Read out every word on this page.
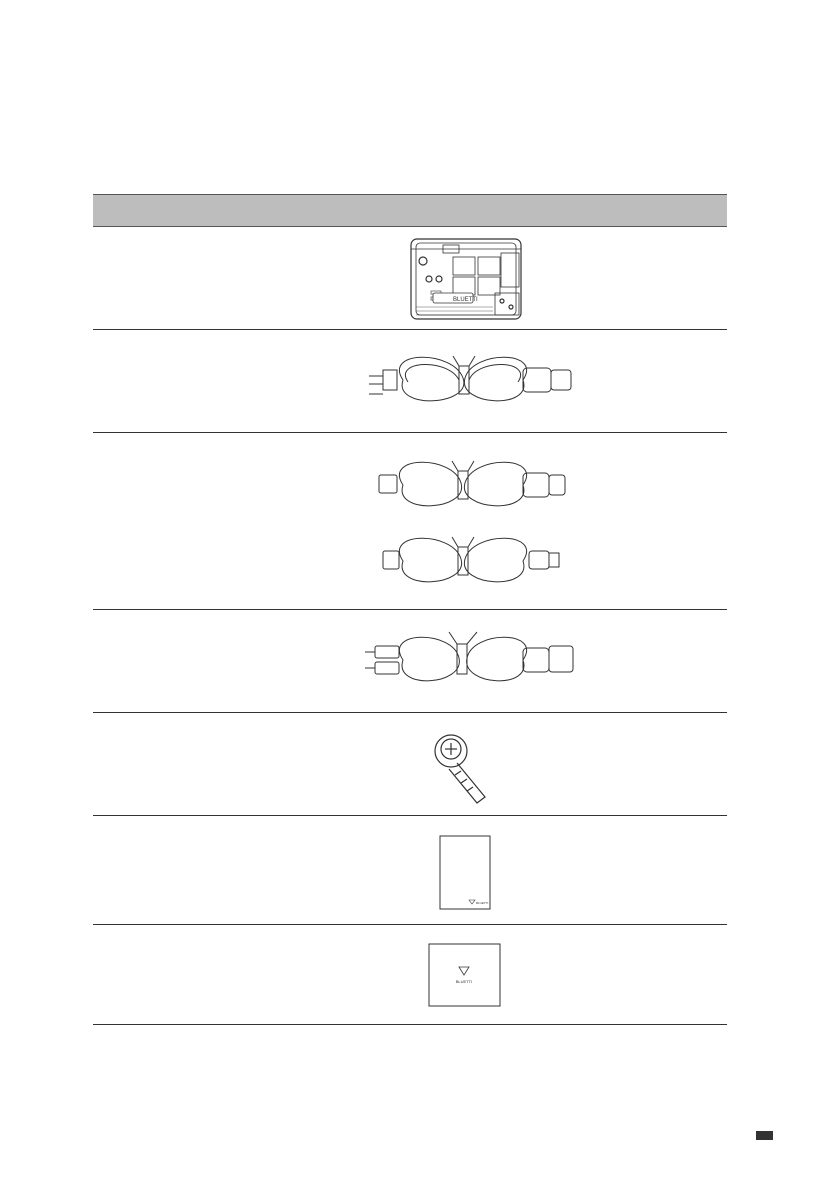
BLUETTI
BLUETTI
BLUETTI
